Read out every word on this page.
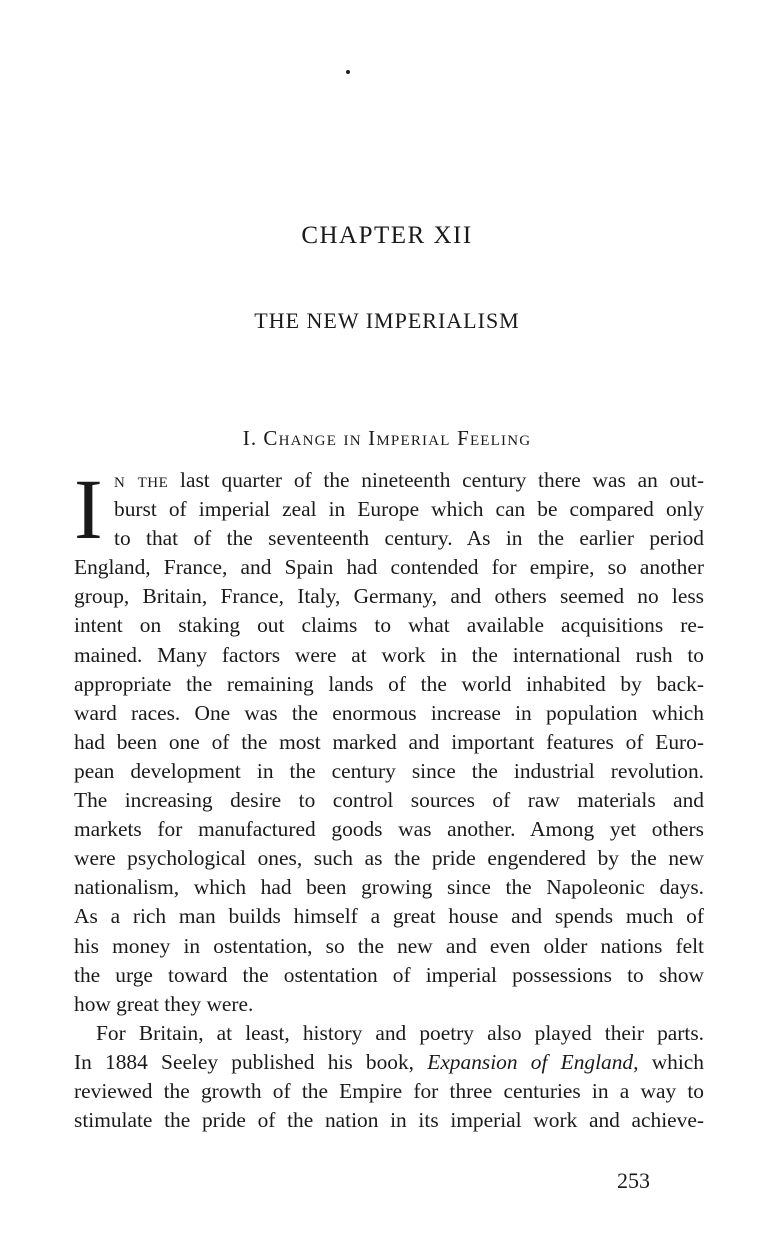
CHAPTER XII
THE NEW IMPERIALISM
I. Change in Imperial Feeling
I n the last quarter of the nineteenth century there was an out-
burst of imperial zeal in Europe which can be compared only
to that of the seventeenth century. As in the earlier period
England, France, and Spain had contended for empire, so another
group, Britain, France, Italy, Germany, and others seemed no less
intent on staking out claims to what available acquisitions re-
mained. Many factors were at work in the international rush to
appropriate the remaining lands of the world inhabited by back-
ward races. One was the enormous increase in population which
had been one of the most marked and important features of Euro-
pean development in the century since the industrial revolution.
The increasing desire to control sources of raw materials and
markets for manufactured goods was another. Among yet others
were psychological ones, such as the pride engendered by the new
nationalism, which had been growing since the Napoleonic days.
As a rich man builds himself a great house and spends much of
his money in ostentation, so the new and even older nations felt
the urge toward the ostentation of imperial possessions to show
how great they were.
For Britain, at least, history and poetry also played their parts.
In 1884 Seeley published his book, Expansion of England, which
reviewed the growth of the Empire for three centuries in a way to
stimulate the pride of the nation in its imperial work and achieve-

253
